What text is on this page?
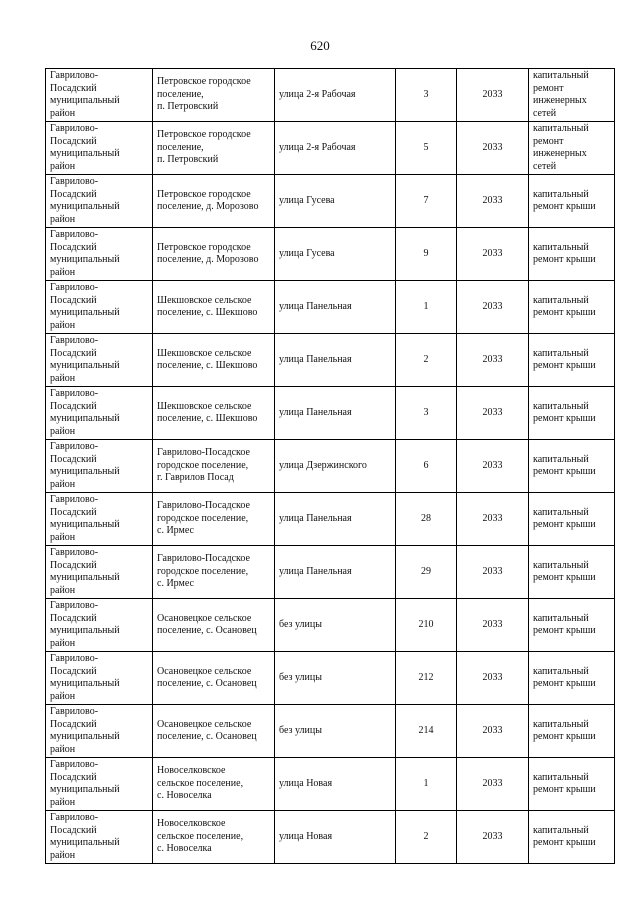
620
Гаврилово-
Посадский
муниципальный
район	Петровское городское
поселение,
п. Петровский	улица 2-я Рабочая	3	2033	капитальный
ремонт
инженерных
сетей

Гаврилово-
Посадский
муниципальный
район	Петровское городское
поселение,
п. Петровский	улица 2-я Рабочая	5	2033	капитальный
ремонт
инженерных
сетей

Гаврилово-
Посадский
муниципальный
район	Петровское городское
поселение, д. Морозово	улица Гусева	7	2033	капитальный
ремонт крыши

Гаврилово-
Посадский
муниципальный
район	Петровское городское
поселение, д. Морозово	улица Гусева	9	2033	капитальный
ремонт крыши

Гаврилово-
Посадский
муниципальный
район	Шекшовское сельское
поселение, с. Шекшово	улица Панельная	1	2033	капитальный
ремонт крыши

Гаврилово-
Посадский
муниципальный
район	Шекшовское сельское
поселение, с. Шекшово	улица Панельная	2	2033	капитальный
ремонт крыши

Гаврилово-
Посадский
муниципальный
район	Шекшовское сельское
поселение, с. Шекшово	улица Панельная	3	2033	капитальный
ремонт крыши

Гаврилово-
Посадский
муниципальный
район	Гаврилово-Посадское
городское поселение,
г. Гаврилов Посад	улица Дзержинского	6	2033	капитальный
ремонт крыши

Гаврилово-
Посадский
муниципальный
район	Гаврилово-Посадское
городское поселение,
с. Ирмес	улица Панельная	28	2033	капитальный
ремонт крыши

Гаврилово-
Посадский
муниципальный
район	Гаврилово-Посадское
городское поселение,
с. Ирмес	улица Панельная	29	2033	капитальный
ремонт крыши

Гаврилово-
Посадский
муниципальный
район	Осановецкое сельское
поселение, с. Осановец	без улицы	210	2033	капитальный
ремонт крыши

Гаврилово-
Посадский
муниципальный
район	Осановецкое сельское
поселение, с. Осановец	без улицы	212	2033	капитальный
ремонт крыши

Гаврилово-
Посадский
муниципальный
район	Осановецкое сельское
поселение, с. Осановец	без улицы	214	2033	капитальный
ремонт крыши

Гаврилово-
Посадский
муниципальный
район	Новоселковское
сельское поселение,
с. Новоселка	улица Новая	1	2033	капитальный
ремонт крыши

Гаврилово-
Посадский
муниципальный
район	Новоселковское
сельское поселение,
с. Новоселка	улица Новая	2	2033	капитальный
ремонт крыши
